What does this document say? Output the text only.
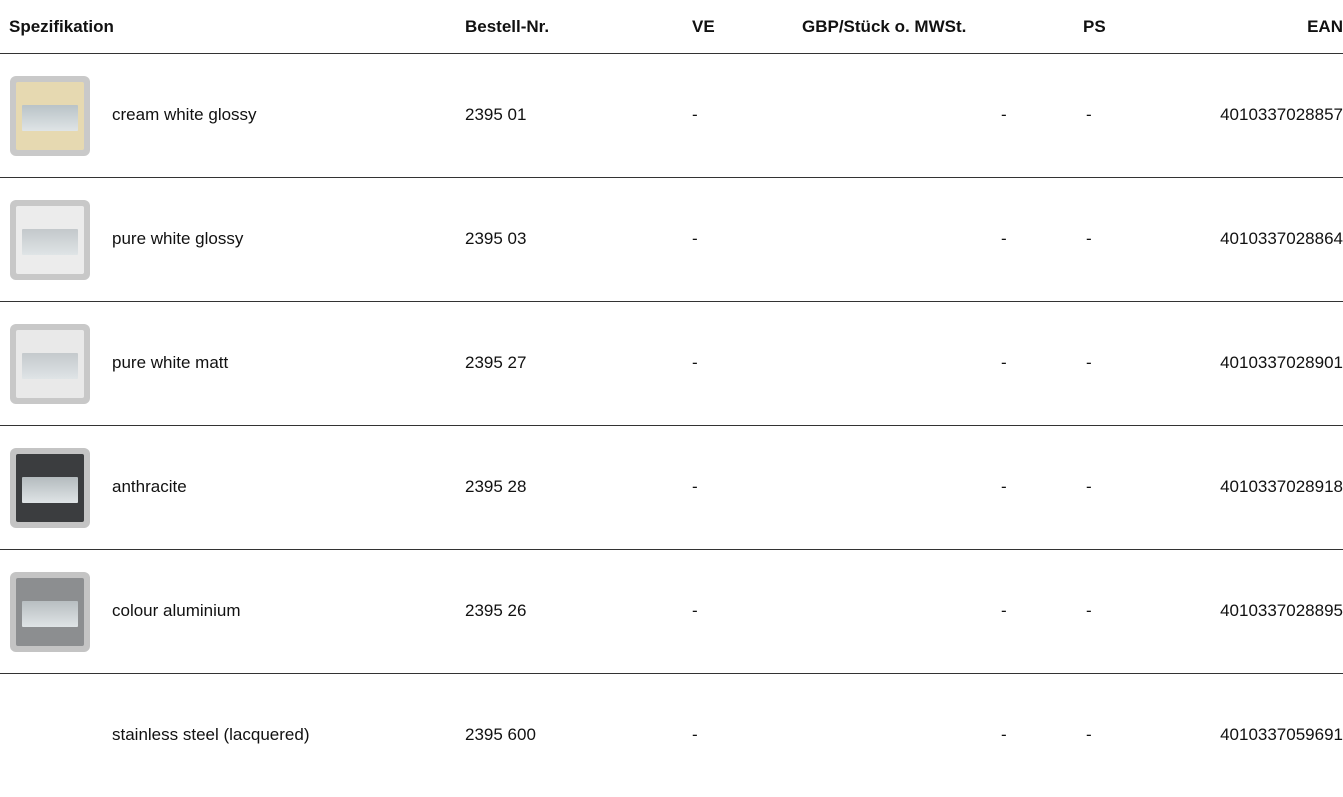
Spezifikation	Bestell-Nr.	VE	GBP/Stück o. MWSt.	PS	EAN
cream white glossy	2395 01	-	-	-	4010337028857
pure white glossy	2395 03	-	-	-	4010337028864
pure white matt	2395 27	-	-	-	4010337028901
anthracite	2395 28	-	-	-	4010337028918
colour aluminium	2395 26	-	-	-	4010337028895
stainless steel (lacquered)	2395 600	-	-	-	4010337059691
